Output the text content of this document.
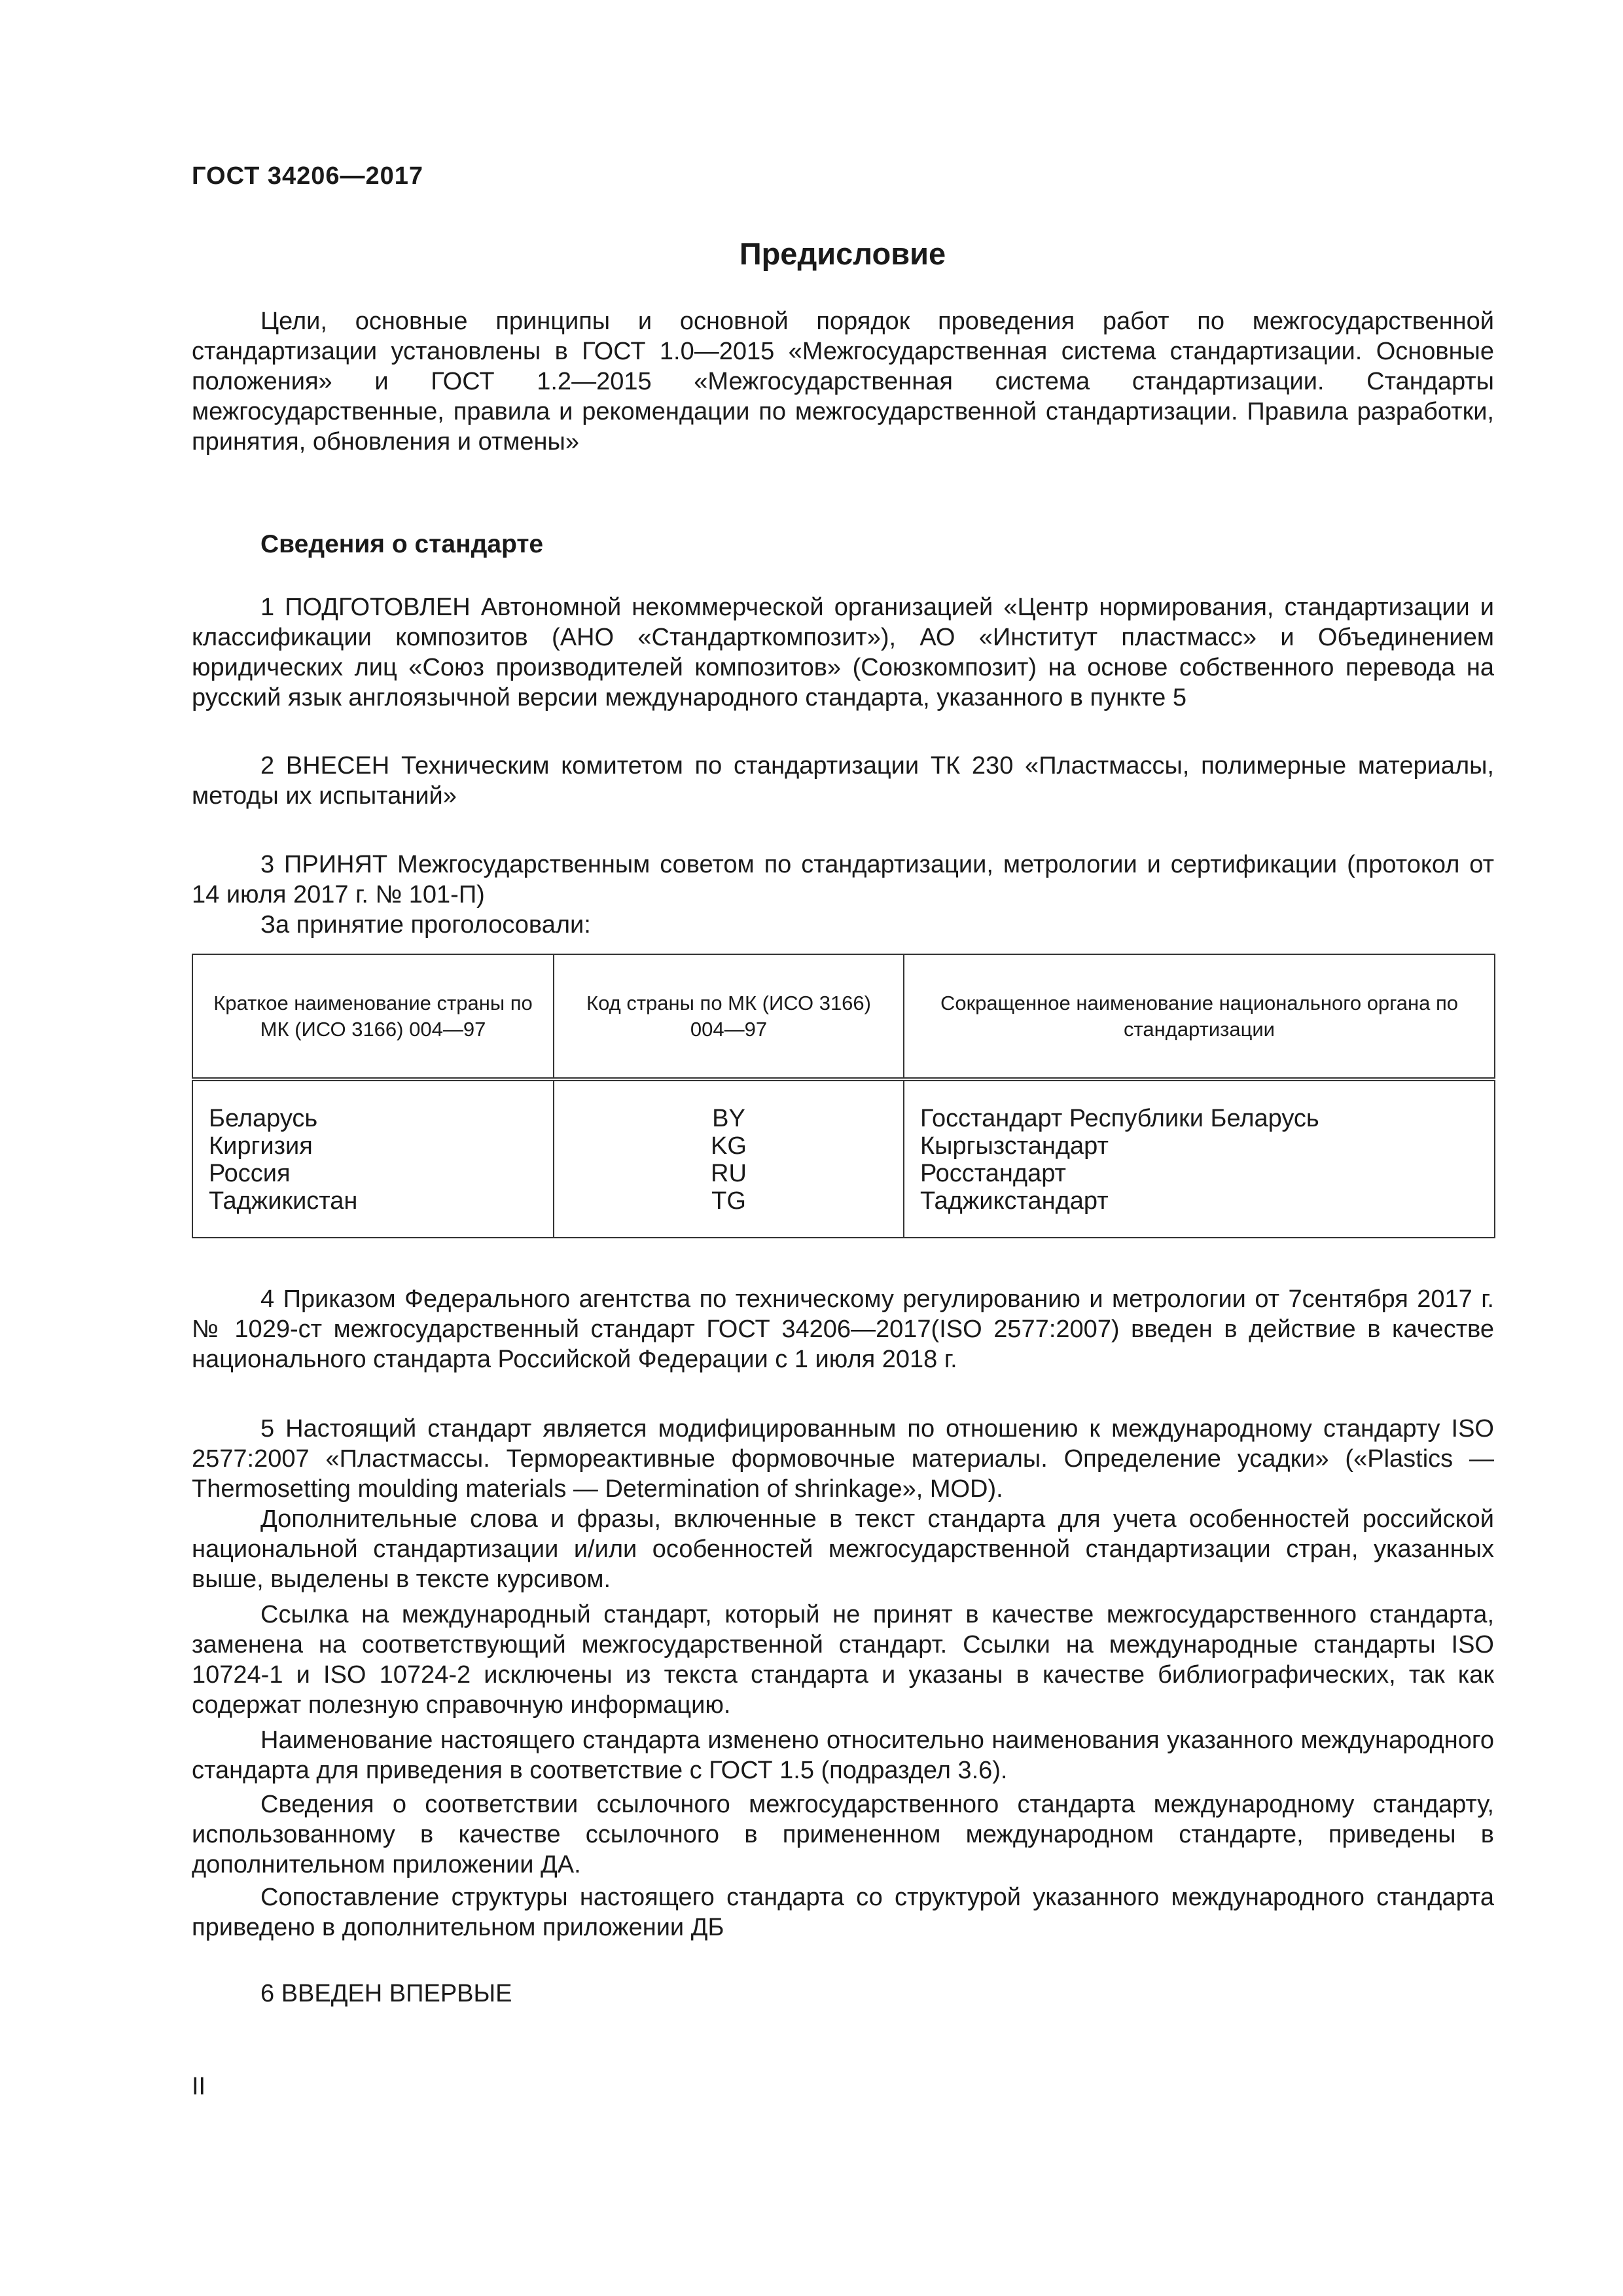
ГОСТ 34206—2017
Предисловие

Цели, основные принципы и основной порядок проведения работ по межгосударственной стандартизации установлены в ГОСТ 1.0—2015 «Межгосударственная система стандартизации. Основные положения» и ГОСТ 1.2—2015 «Межгосударственная система стандартизации. Стандарты межгосударственные, правила и рекомендации по межгосударственной стандартизации. Правила разработки, принятия, обновления и отмены»

Сведения о стандарте

1 ПОДГОТОВЛЕН Автономной некоммерческой организацией «Центр нормирования, стандартизации и классификации композитов (АНО «Стандарткомпозит»), АО «Институт пластмасс» и Объединением юридических лиц «Союз производителей композитов» (Союзкомпозит) на основе собственного перевода на русский язык англоязычной версии международного стандарта, указанного в пункте 5

2 ВНЕСЕН Техническим комитетом по стандартизации ТК 230 «Пластмассы, полимерные материалы, методы их испытаний»

3 ПРИНЯТ Межгосударственным советом по стандартизации, метрологии и сертификации (протокол от 14 июля 2017 г. № 101-П)

За принятие проголосовали:
Краткое наименование страны по МК (ИСО 3166) 004—97	Код страны по МК (ИСО 3166) 004—97	Сокращенное наименование национального органа по стандартизации
Беларусь	BY	Госстандарт Республики Беларусь
Киргизия	KG	Кыргызстандарт
Россия	RU	Росстандарт
Таджикистан	TG	Таджикстандарт

4 Приказом Федерального агентства по техническому регулированию и метрологии от 7сентября 2017 г. № 1029-ст межгосударственный стандарт ГОСТ 34206—2017(ISO 2577:2007) введен в действие в качестве национального стандарта Российской Федерации с 1 июля 2018 г.

5 Настоящий стандарт является модифицированным по отношению к международному стандарту ISO 2577:2007 «Пластмассы. Термореактивные формовочные материалы. Определение усадки» («Plastics — Thermosetting moulding materials — Determination of shrinkage», MOD).

Дополнительные слова и фразы, включенные в текст стандарта для учета особенностей российской национальной стандартизации и/или особенностей межгосударственной стандартизации стран, указанных выше, выделены в тексте курсивом.

Ссылка на международный стандарт, который не принят в качестве межгосударственного стандарта, заменена на соответствующий межгосударственной стандарт. Ссылки на международные стандарты ISO 10724-1 и ISO 10724-2 исключены из текста стандарта и указаны в качестве библиографических, так как содержат полезную справочную информацию.

Наименование настоящего стандарта изменено относительно наименования указанного международного стандарта для приведения в соответствие с ГОСТ 1.5 (подраздел 3.6).

Сведения о соответствии ссылочного межгосударственного стандарта международному стандарту, использованному в качестве ссылочного в примененном международном стандарте, приведены в дополнительном приложении ДА.

Сопоставление структуры настоящего стандарта со структурой указанного международного стандарта приведено в дополнительном приложении ДБ

6 ВВЕДЕН ВПЕРВЫЕ

II
